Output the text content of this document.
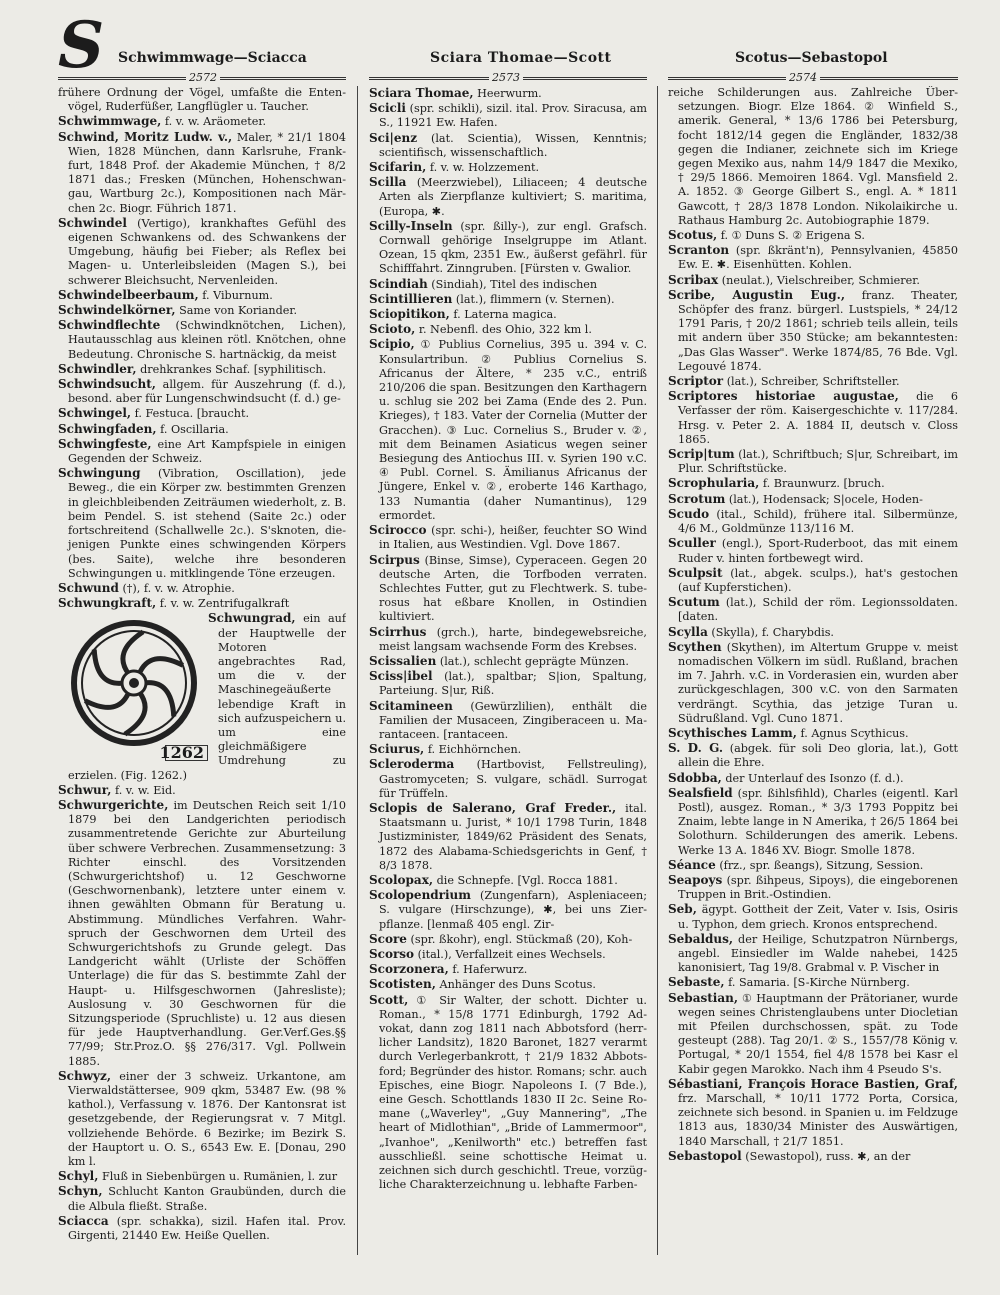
S Schwimmwage—Sciacca	Sciara Thomae—Scott	Scotus—Sebastopol
2572	2573	2574
frühere Ordnung der Vögel, umfaßte die Entenvögel, Ruderfüßer, Langflügler u. Taucher.
Schwimmwage, f. v. w. Aräometer.
Schwind, Moritz Ludw. v., Maler, * 21/1 1804 Wien, 1828 München, dann Karlsruhe, Frankfurt, 1848 Prof. der Akademie München, † 8/2 1871 das.; Fresken (München, Hohenschwangau, Wartburg 2c.), Kompositionen nach Märchen 2c. Biogr. Führich 1871.
Schwindel (Vertigo), krankhaftes Gefühl des eigenen Schwankens od. des Schwankens der Umgebung, häufig bei Fieber; als Reflex bei Magen- u. Unterleibsleiden (Magen S.), bei schwerer Bleichsucht, Nervenleiden.
Schwindelbeerbaum, f. Viburnum.
Schwindelkörner, Same von Koriander.
Schwindflechte (Schwindknötchen, Lichen), Hautausschlag aus kleinen rötl. Knötchen, ohne Bedeutung. Chronische S. hartnäckig, da meist
Schwindler, drehkrankes Schaf. [syphilitisch.
Schwindsucht, allgem. für Auszehrung (f. d.), besond. aber für Lungenschwindsucht (f. d.) ge-
Schwingel, f. Festuca. [braucht.
Schwingfaden, f. Oscillaria.
Schwingfeste, eine Art Kampfspiele in einigen Gegenden der Schweiz.
Schwingung (Vibration, Oscillation), jede Beweg., die ein Körper zw. bestimmten Grenzen in gleichbleibenden Zeiträumen wiederholt, z. B. beim Pendel. S. ist stehend (Saite 2c.) oder fortschreitend (Schallwelle 2c.). S'sknoten, diejenigen Punkte eines schwingenden Körpers (bes. Saite), welche ihre besonderen Schwingungen u. mitklingende Töne erzeugen.
Schwund (†), f. v. w. Atrophie.
Schwungkraft, f. v. w. Zentrifugalkraft
1262
Schwungrad, ein auf der Hauptwelle der Motoren angebrachtes Rad, um die v. der Maschinegeäußerte lebendige Kraft in sich aufzuspeichern u. um eine gleichmäßigere Umdrehung zu erzielen. (Fig. 1262.)
Schwur, f. v. w. Eid.
Schwurgerichte, im Deutschen Reich seit 1/10 1879 bei den Landgerichten periodisch zusammentretende Gerichte zur Aburteilung über schwere Verbrechen. Zusammensetzung: 3 Richter einschl. des Vorsitzenden (Schwurgerichtshof) u. 12 Geschworne (Geschwornenbank), letztere unter einem v. ihnen gewählten Obmann für Beratung u. Abstimmung. Mündliches Verfahren. Wahrspruch der Geschwornen dem Urteil des Schwurgerichtshofs zu Grunde gelegt. Das Landgericht wählt (Urliste der Schöffen Unterlage) die für das S. bestimmte Zahl der Haupt- u. Hilfsgeschwornen (Jahresliste); Auslosung v. 30 Geschwornen für die Sitzungsperiode (Spruchliste) u. 12 aus diesen für jede Hauptverhandlung. Ger.Verf.Ges.§§ 77/99; Str.Proz.O. §§ 276/317. Vgl. Pollwein 1885.
Schwyz, einer der 3 schweiz. Urkantone, am Vierwaldstättersee, 909 qkm, 53487 Ew. (98 % kathol.), Verfassung v. 1876. Der Kantonsrat ist gesetzgebende, der Regierungsrat v. 7 Mitgl. vollziehende Behörde. 6 Bezirke; im Bezirk S. der Hauptort u. O. S., 6543 Ew. E. [Donau, 290 km l.
Schyl, Fluß in Siebenbürgen u. Rumänien, l. zur
Schyn, Schlucht Kanton Graubünden, durch die die Albula fließt. Straße.
Sciacca (spr. schakka), sizil. Hafen ital. Prov. Girgenti, 21440 Ew. Heiße Quellen.
Sciara Thomae, Heerwurm.
Scicli (spr. schikli), sizil. ital. Prov. Siracusa, am S., 11921 Ew. Hafen.
Sci|enz (lat. Scientia), Wissen, Kenntnis; scientifisch, wissenschaftlich.
Scifarin, f. v. w. Holzzement.
Scilla (Meerzwiebel), Liliaceen; 4 deutsche Arten als Zierpflanze kultiviert; S. maritima, (Europa, ✱.
Scilly-Inseln (spr. ßilly-), zur engl. Grafsch. Cornwall gehörige Inselgruppe im Atlant. Ozean, 15 qkm, 2351 Ew., äußerst gefährl. für Schifffahrt. Zinngruben. [Fürsten v. Gwalior.
Scindiah (Sindiah), Titel des indischen
Scintillieren (lat.), flimmern (v. Sternen).
Sciopitikon, f. Laterna magica.
Scioto, r. Nebenfl. des Ohio, 322 km l.
Scipio, ① Publius Cornelius, 395 u. 394 v. C. Konsulartribun. ② Publius Cornelius S. Africanus der Ältere, * 235 v.C., entriß 210/206 die span. Besitzungen den Karthagern u. schlug sie 202 bei Zama (Ende des 2. Pun. Krieges), † 183. Vater der Cornelia (Mutter der Gracchen). ③ Luc. Cornelius S., Bruder v. ②, mit dem Beinamen Asiaticus wegen seiner Besiegung des Antiochus III. v. Syrien 190 v.C. ④ Publ. Cornel. S. Ämilianus Africanus der Jüngere, Enkel v. ②, eroberte 146 Karthago, 133 Numantia (daher Numantinus), 129 ermordet.
Scirocco (spr. schi-), heißer, feuchter SO Wind in Italien, aus Westindien. Vgl. Dove 1867.
Scirpus (Binse, Simse), Cyperaceen. Gegen 20 deutsche Arten, die Torfboden verraten. Schlechtes Futter, gut zu Flechtwerk. S. tuberosus hat eßbare Knollen, in Ostindien kultiviert.
Scirrhus (grch.), harte, bindegewebsreiche, meist langsam wachsende Form des Krebses.
Scissalien (lat.), schlecht geprägte Münzen.
Sciss|ibel (lat.), spaltbar; S|ion, Spaltung, Parteiung. S|ur, Riß.
Scitamineen (Gewürzlilien), enthält die Familien der Musaceen, Zingiberaceen u. Marantaceen. [rantaceen.
Sciurus, f. Eichhörnchen.
Scleroderma (Hartbovist, Fellstreuling), Gastromyceten; S. vulgare, schädl. Surrogat für Trüffeln.
Sclopis de Salerano, Graf Freder., ital. Staatsmann u. Jurist, * 10/1 1798 Turin, 1848 Justizminister, 1849/62 Präsident des Senats, 1872 des Alabama-Schiedsgerichts in Genf, † 8/3 1878.
Scolopax, die Schnepfe. [Vgl. Rocca 1881.
Scolopendrium (Zungenfarn), Aspleniaceen; S. vulgare (Hirschzunge), ✱, bei uns Zierpflanze. [lenmaß 405 engl. Zir-
Score (spr. ßkohr), engl. Stückmaß (20), Koh-
Scorso (ital.), Verfallzeit eines Wechsels.
Scorzonera, f. Haferwurz.
Scotisten, Anhänger des Duns Scotus.
Scott, ① Sir Walter, der schott. Dichter u. Roman., * 15/8 1771 Edinburgh, 1792 Advokat, dann zog 1811 nach Abbotsford (herrlicher Landsitz), 1820 Baronet, 1827 verarmt durch Verlegerbankrott, † 21/9 1832 Abbotsford; Begründer des histor. Romans; schr. auch Episches, eine Biogr. Napoleons I. (7 Bde.), eine Gesch. Schottlands 1830 II 2c. Seine Romane („Waverley", „Guy Mannering", „The heart of Midlothian", „Bride of Lammermoor", „Ivanhoe", „Kenilworth" etc.) betreffen fast ausschließl. seine schottische Heimat u. zeichnen sich durch geschichtl. Treue, vorzügliche Charakterzeichnung u. lebhafte Farben-
reiche Schilderungen aus. Zahlreiche Übersetzungen. Biogr. Elze 1864. ② Winfield S., amerik. General, * 13/6 1786 bei Petersburg, focht 1812/14 gegen die Engländer, 1832/38 gegen die Indianer, zeichnete sich im Kriege gegen Mexiko aus, nahm 14/9 1847 die Mexiko, † 29/5 1866. Memoiren 1864. Vgl. Mansfield 2. A. 1852. ③ George Gilbert S., engl. A. * 1811 Gawcott, † 28/3 1878 London. Nikolaikirche u. Rathaus Hamburg 2c. Autobiographie 1879.
Scotus, f. ① Duns S. ② Erigena S.
Scranton (spr. ßkränt'n), Pennsylvanien, 45850 Ew. E. ✱. Eisenhütten. Kohlen.
Scribax (neulat.), Vielschreiber, Schmierer.
Scribe, Augustin Eug., franz. Theater, Schöpfer des franz. bürgerl. Lustspiels, * 24/12 1791 Paris, † 20/2 1861; schrieb teils allein, teils mit andern über 350 Stücke; am bekanntesten: „Das Glas Wasser". Werke 1874/85, 76 Bde. Vgl. Legouvé 1874.
Scriptor (lat.), Schreiber, Schriftsteller.
Scriptores historiae augustae, die 6 Verfasser der röm. Kaisergeschichte v. 117/284. Hrsg. v. Peter 2. A. 1884 II, deutsch v. Closs 1865.
Scrip|tum (lat.), Schriftbuch; S|ur, Schreibart, im Plur. Schriftstücke.
Scrophularia, f. Braunwurz. [bruch.
Scrotum (lat.), Hodensack; S|ocele, Hoden-
Scudo (ital., Schild), frühere ital. Silbermünze, 4/6 M., Goldmünze 113/116 M.
Sculler (engl.), Sport-Ruderboot, das mit einem Ruder v. hinten fortbewegt wird.
Sculpsit (lat., abgek. sculps.), hat's gestochen (auf Kupferstichen).
Scutum (lat.), Schild der röm. Legionssoldaten. [daten.
Scylla (Skylla), f. Charybdis.
Scythen (Skythen), im Altertum Gruppe v. meist nomadischen Völkern im südl. Rußland, brachen im 7. Jahrh. v.C. in Vorderasien ein, wurden aber zurückgeschlagen, 300 v.C. von den Sarmaten verdrängt. Scythia, das jetzige Turan u. Südrußland. Vgl. Cuno 1871.
Scythisches Lamm, f. Agnus Scythicus.
S. D. G. (abgek. für soli Deo gloria, lat.), Gott allein die Ehre.
Sdobba, der Unterlauf des Isonzo (f. d.).
Sealsfield (spr. ßihlsfihld), Charles (eigentl. Karl Postl), ausgez. Roman., * 3/3 1793 Poppitz bei Znaim, lebte lange in N Amerika, † 26/5 1864 bei Solothurn. Schilderungen des amerik. Lebens. Werke 13 A. 1846 XV. Biogr. Smolle 1878.
Séance (frz., spr. ßeangs), Sitzung, Session.
Seapoys (spr. ßihpeus, Sipoys), die eingeborenen Truppen in Brit.-Ostindien.
Seb, ägypt. Gottheit der Zeit, Vater v. Isis, Osiris u. Typhon, dem griech. Kronos entsprechend.
Sebaldus, der Heilige, Schutzpatron Nürnbergs, angebl. Einsiedler im Walde nahebei, 1425 kanonisiert, Tag 19/8. Grabmal v. P. Vischer in
Sebaste, f. Samaria. [S-Kirche Nürnberg.
Sebastian, ① Hauptmann der Prätorianer, wurde wegen seines Christenglaubens unter Diocletian mit Pfeilen durchschossen, spät. zu Tode gesteupt (288). Tag 20/1. ② S., 1557/78 König v. Portugal, * 20/1 1554, fiel 4/8 1578 bei Kasr el Kabir gegen Marokko. Nach ihm 4 Pseudo S's.
Sébastiani, François Horace Bastien, Graf, frz. Marschall, * 10/11 1772 Porta, Corsica, zeichnete sich besond. in Spanien u. im Feldzuge 1813 aus, 1830/34 Minister des Auswärtigen, 1840 Marschall, † 21/7 1851.
Sebastopol (Sewastopol), russ. ✱, an der
